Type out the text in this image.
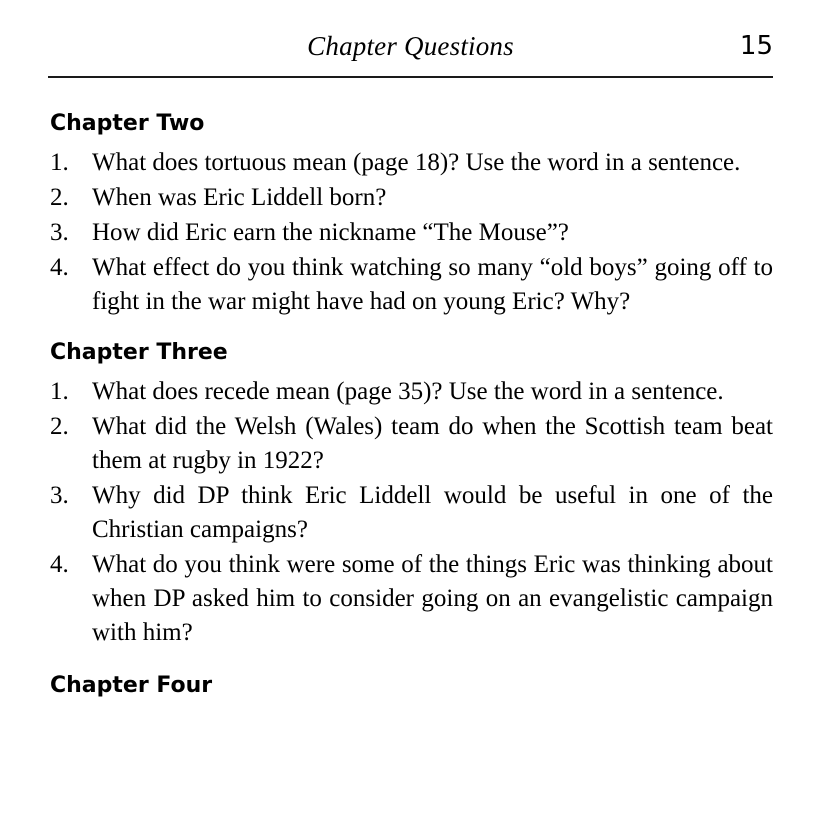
Chapter Questions	15
Chapter Two
1. What does tortuous mean (page 18)? Use the word in a sentence.
2. When was Eric Liddell born?
3. How did Eric earn the nickname “The Mouse”?
4. What effect do you think watching so many “old boys” going off to fight in the war might have had on young Eric? Why?
Chapter Three
1. What does recede mean (page 35)? Use the word in a sentence.
2. What did the Welsh (Wales) team do when the Scottish team beat them at rugby in 1922?
3. Why did DP think Eric Liddell would be useful in one of the Christian campaigns?
4. What do you think were some of the things Eric was thinking about when DP asked him to consider going on an evangelistic campaign with him?
Chapter Four
